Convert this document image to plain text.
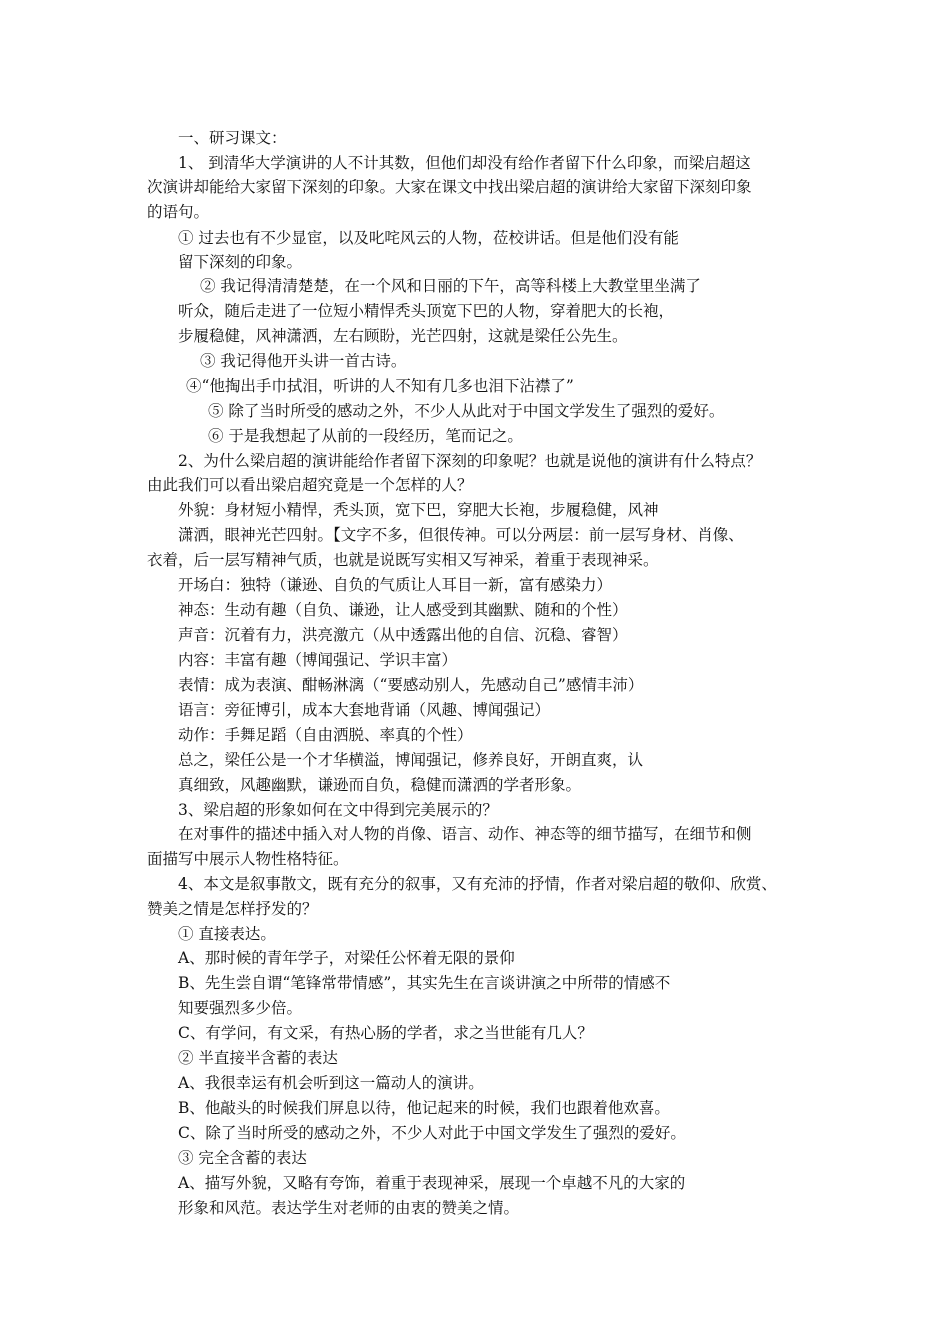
一、研习课文：
1、 到清华大学演讲的人不计其数，但他们却没有给作者留下什么印象，而梁启超这
次演讲却能给大家留下深刻的印象。大家在课文中找出梁启超的演讲给大家留下深刻印象
的语句。
① 过去也有不少显宦，以及叱咤风云的人物，莅校讲话。但是他们没有能
留下深刻的印象。
② 我记得清清楚楚，在一个风和日丽的下午，高等科楼上大教堂里坐满了
听众，随后走进了一位短小精悍秃头顶宽下巴的人物，穿着肥大的长袍，
步履稳健，风神潇洒，左右顾盼，光芒四射，这就是梁任公先生。
③ 我记得他开头讲一首古诗。
④“他掏出手巾拭泪，听讲的人不知有几多也泪下沾襟了”
⑤ 除了当时所受的感动之外，不少人从此对于中国文学发生了强烈的爱好。
⑥ 于是我想起了从前的一段经历，笔而记之。
2、为什么梁启超的演讲能给作者留下深刻的印象呢？也就是说他的演讲有什么特点？
由此我们可以看出梁启超究竟是一个怎样的人？
外貌：身材短小精悍，秃头顶，宽下巴，穿肥大长袍，步履稳健，风神
潇洒，眼神光芒四射。【文字不多，但很传神。可以分两层：前一层写身材、肖像、
衣着，后一层写精神气质，也就是说既写实相又写神采，着重于表现神采。
开场白：独特（谦逊、自负的气质让人耳目一新，富有感染力）
神态：生动有趣（自负、谦逊，让人感受到其幽默、随和的个性）
声音：沉着有力，洪亮激亢（从中透露出他的自信、沉稳、睿智）
内容：丰富有趣（博闻强记、学识丰富）
表情：成为表演、酣畅淋漓（“要感动别人，先感动自己”感情丰沛）
语言：旁征博引，成本大套地背诵（风趣、博闻强记）
动作：手舞足蹈（自由洒脱、率真的个性）
总之，梁任公是一个才华横溢，博闻强记，修养良好，开朗直爽，认
真细致，风趣幽默，谦逊而自负，稳健而潇洒的学者形象。
3、梁启超的形象如何在文中得到完美展示的？
在对事件的描述中插入对人物的肖像、语言、动作、神态等的细节描写，在细节和侧
面描写中展示人物性格特征。
4、本文是叙事散文，既有充分的叙事，又有充沛的抒情，作者对梁启超的敬仰、欣赏、
赞美之情是怎样抒发的？
① 直接表达。
A、那时候的青年学子，对梁任公怀着无限的景仰
B、先生尝自谓“笔锋常带情感”，其实先生在言谈讲演之中所带的情感不
知要强烈多少倍。
C、有学问，有文采，有热心肠的学者，求之当世能有几人？
② 半直接半含蓄的表达
A、我很幸运有机会听到这一篇动人的演讲。
B、他敲头的时候我们屏息以待，他记起来的时候，我们也跟着他欢喜。
C、除了当时所受的感动之外，不少人对此于中国文学发生了强烈的爱好。
③ 完全含蓄的表达
A、描写外貌，又略有夸饰，着重于表现神采，展现一个卓越不凡的大家的
形象和风范。表达学生对老师的由衷的赞美之情。
